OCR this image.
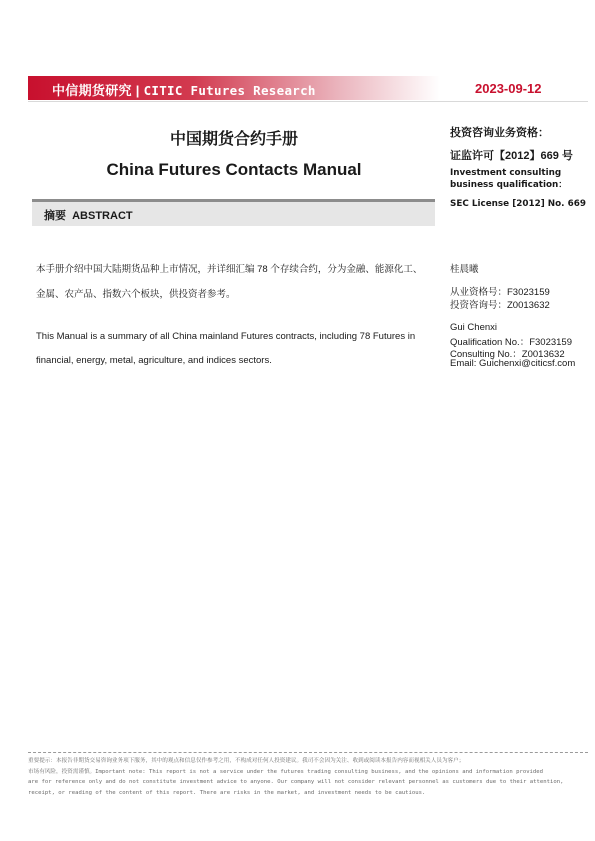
中信期货研究 | CITIC Futures Research	2023-09-12
中国期货合约手册
China Futures Contacts Manual
摘要  ABSTRACT
本手册介绍中国大陆期货品种上市情况，并详细汇编 78 个存续合约，分为金融、能源化工、
金属、农产品、指数六个板块，供投资者参考。
This Manual is a summary of all China mainland Futures contracts, including 78 Futures in
financial, energy, metal, agriculture, and indices sectors.
投资咨询业务资格：
证监许可【2012】669 号
Investment consulting business qualification：
SEC License [2012] No. 669
桂晨曦
从业资格号：F3023159
投资咨询号：Z0013632
Gui Chenxi
Qualification No.：F3023159
Consulting No.：Z0013632
Email: Guichenxi@citicsf.com
重要提示：本报告非期货交易咨询业务项下服务，其中的观点和信息仅作参考之用，不构成对任何人投资建议。我司不会因为关注、收到或阅读本报告内容而视相关人员为客户；
市场有风险，投资需谨慎。Important note: This report is not a service under the futures trading consulting business, and the opinions and information provided
are for reference only and do not constitute investment advice to anyone. Our company will not consider relevant personnel as customers due to their attention,
receipt, or reading of the content of this report. There are risks in the market, and investment needs to be cautious.
